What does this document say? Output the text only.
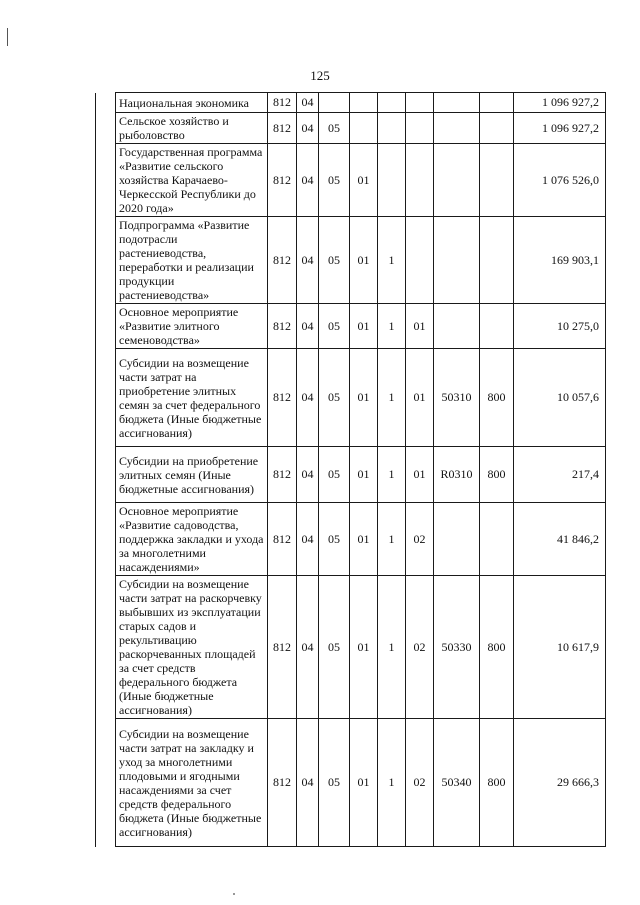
125
	Национальная экономика	812	04							1 096 927,2
	Сельское хозяйство и рыболовство	812	04	05						1 096 927,2
	Государственная программа «Развитие сельского хозяйства Карачаево-Черкесской Республики до 2020 года»	812	04	05	01					1 076 526,0
	Подпрограмма «Развитие подотрасли растениеводства, переработки и реализации продукции растениеводства»	812	04	05	01	1				169 903,1
	Основное мероприятие «Развитие элитного семеноводства»	812	04	05	01	1	01			10 275,0
	Субсидии на возмещение части затрат на приобретение элитных семян за счет федерального бюджета (Иные бюджетные ассигнования)	812	04	05	01	1	01	50310	800	10 057,6
	Субсидии на приобретение элитных семян (Иные бюджетные ассигнования)	812	04	05	01	1	01	R0310	800	217,4
	Основное мероприятие «Развитие садоводства, поддержка закладки и ухода за многолетними насаждениями»	812	04	05	01	1	02			41 846,2
	Субсидии на возмещение части затрат на раскорчевку выбывших из эксплуатации старых садов и рекультивацию раскорчеванных площадей за счет средств федерального бюджета (Иные бюджетные ассигнования)	812	04	05	01	1	02	50330	800	10 617,9
	Субсидии на возмещение части затрат на закладку и уход за многолетними плодовыми и ягодными насаждениями за счет средств федерального бюджета (Иные бюджетные ассигнования)	812	04	05	01	1	02	50340	800	29 666,3
